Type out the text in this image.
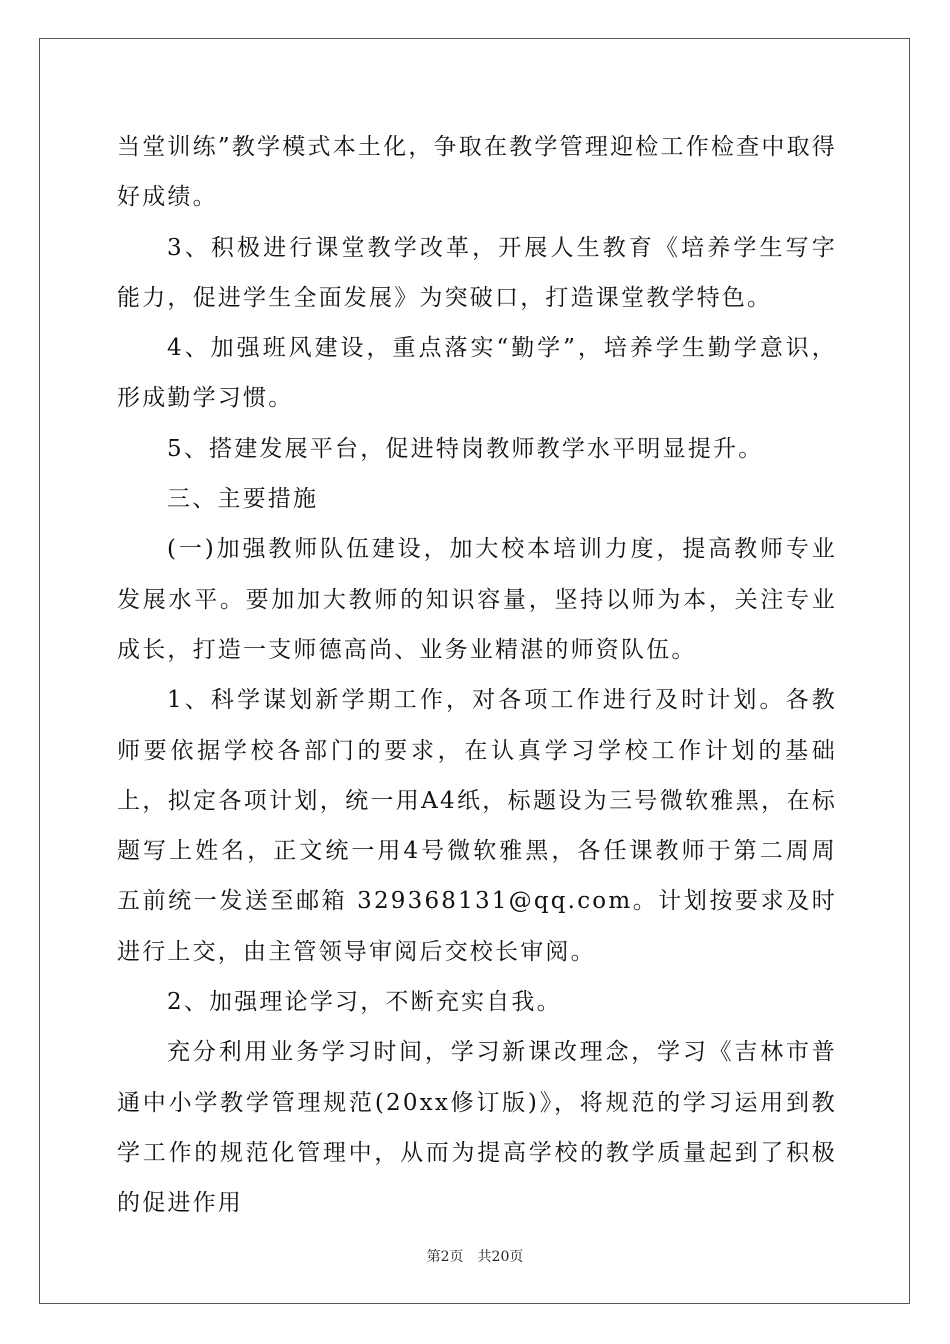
当堂训练”教学模式本土化，争取在教学管理迎检工作检查中取得好成绩。

3、积极进行课堂教学改革，开展人生教育《培养学生写字能力，促进学生全面发展》为突破口，打造课堂教学特色。

4、加强班风建设，重点落实“勤学”，培养学生勤学意识，形成勤学习惯。

5、搭建发展平台，促进特岗教师教学水平明显提升。

三、主要措施

(一)加强教师队伍建设，加大校本培训力度，提高教师专业发展水平。要加加大教师的知识容量，坚持以师为本，关注专业成长，打造一支师德高尚、业务业精湛的师资队伍。

1、科学谋划新学期工作，对各项工作进行及时计划。各教师要依据学校各部门的要求，在认真学习学校工作计划的基础上，拟定各项计划，统一用A4纸，标题设为三号微软雅黑，在标题写上姓名，正文统一用4号微软雅黑，各任课教师于第二周周五前统一发送至邮箱 329368131@qq.com。计划按要求及时进行上交，由主管领导审阅后交校长审阅。

2、加强理论学习，不断充实自我。

充分利用业务学习时间，学习新课改理念，学习《吉林市普通中小学教学管理规范(20xx修订版)》，将规范的学习运用到教学工作的规范化管理中，从而为提高学校的教学质量起到了积极的促进作用

第2页 共20页
